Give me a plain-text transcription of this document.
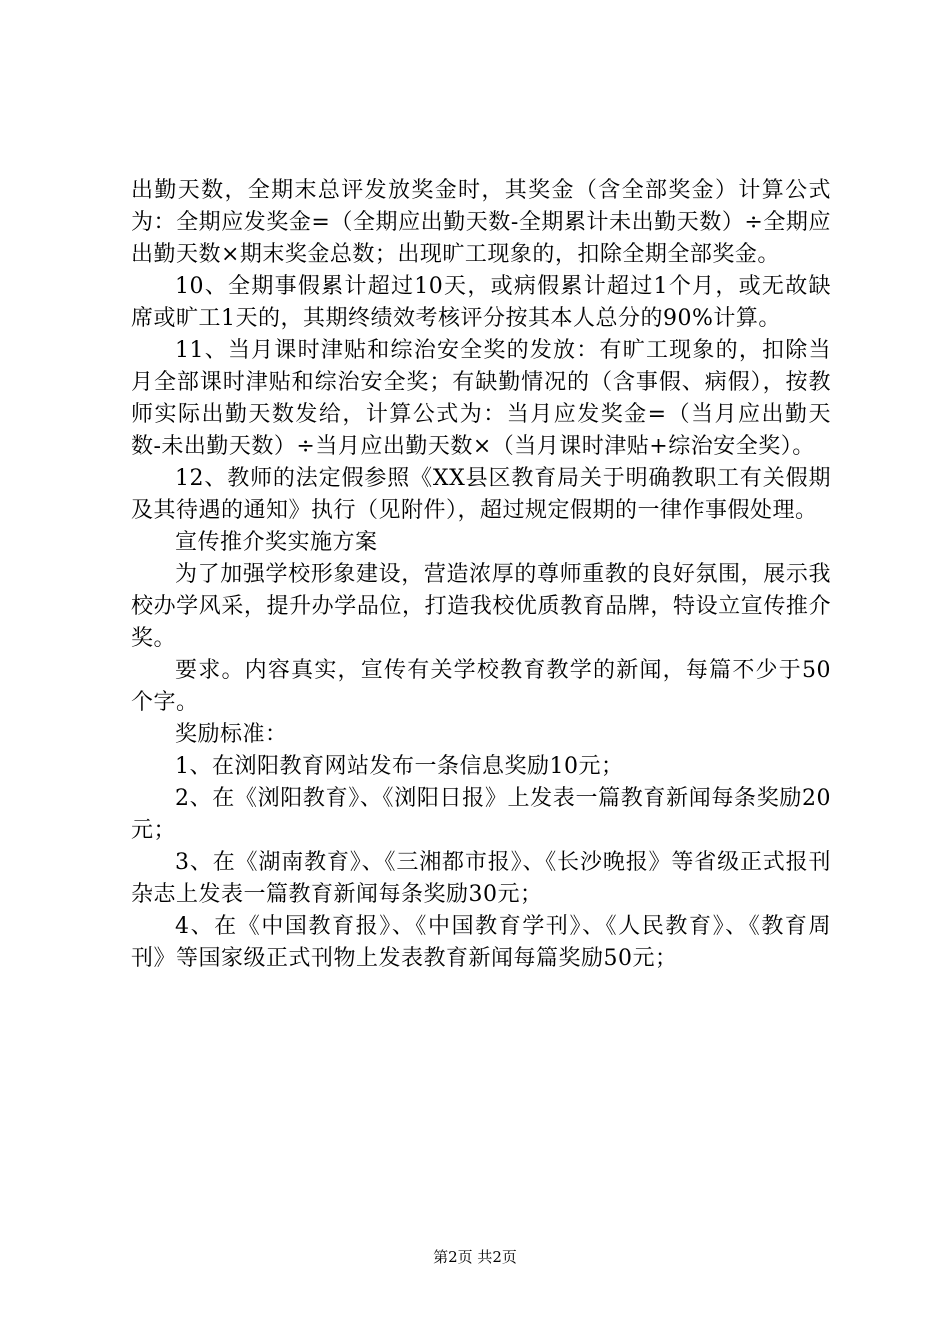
出勤天数，全期末总评发放奖金时，其奖金（含全部奖金）计算公式为：全期应发奖金=（全期应出勤天数-全期累计未出勤天数）÷全期应出勤天数×期末奖金总数；出现旷工现象的，扣除全期全部奖金。

10、全期事假累计超过10天，或病假累计超过1个月，或无故缺席或旷工1天的，其期终绩效考核评分按其本人总分的90%计算。

11、当月课时津贴和综治安全奖的发放：有旷工现象的，扣除当月全部课时津贴和综治安全奖；有缺勤情况的（含事假、病假），按教师实际出勤天数发给，计算公式为：当月应发奖金=（当月应出勤天数-未出勤天数）÷当月应出勤天数×（当月课时津贴+综治安全奖）。

12、教师的法定假参照《XX县区教育局关于明确教职工有关假期及其待遇的通知》执行（见附件），超过规定假期的一律作事假处理。

宣传推介奖实施方案

为了加强学校形象建设，营造浓厚的尊师重教的良好氛围，展示我校办学风采，提升办学品位，打造我校优质教育品牌，特设立宣传推介奖。

要求。内容真实，宣传有关学校教育教学的新闻，每篇不少于50个字。

奖励标准：

1、在浏阳教育网站发布一条信息奖励10元；

2、在《浏阳教育》、《浏阳日报》上发表一篇教育新闻每条奖励20元；

3、在《湖南教育》、《三湘都市报》、《长沙晚报》等省级正式报刊杂志上发表一篇教育新闻每条奖励30元；

4、在《中国教育报》、《中国教育学刊》、《人民教育》、《教育周刊》等国家级正式刊物上发表教育新闻每篇奖励50元；

第2页 共2页
